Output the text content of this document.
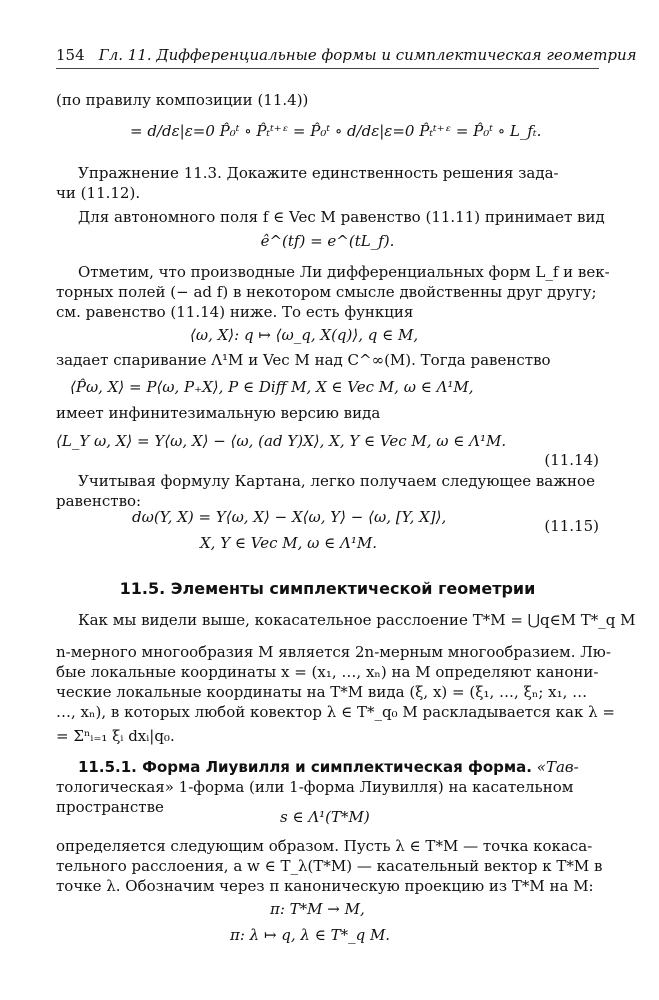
154 Гл. 11. Дифференциальные формы и симплектическая геометрия
(по правилу композиции (11.4))
= d/dε|ε=0 P̂₀ᵗ ∘ P̂ₜᵗ⁺ᵋ = P̂₀ᵗ ∘ d/dε|ε=0 P̂ₜᵗ⁺ᵋ = P̂₀ᵗ ∘ L_fₜ.
Упражнение 11.3. Докажите единственность решения зада-
чи (11.12).
Для автономного поля f ∈ Vec M равенство (11.11) принимает вид
ê^(tf) = e^(tL_f).
Отметим, что производные Ли дифференциальных форм L_f и век-
торных полей (− ad f) в некотором смысле двойственны друг другу;
см. равенство (11.14) ниже. То есть функция
⟨ω, X⟩: q ↦ ⟨ω_q, X(q)⟩, q ∈ M,
задает спаривание Λ¹M и Vec M над C^∞(M). Тогда равенство
⟨P̂ω, X⟩ = P⟨ω, P₊X⟩, P ∈ Diff M, X ∈ Vec M, ω ∈ Λ¹M,
имеет инфинитезимальную версию вида
⟨L_Y ω, X⟩ = Y⟨ω, X⟩ − ⟨ω, (ad Y)X⟩, X, Y ∈ Vec M, ω ∈ Λ¹M.
(11.14)
Учитывая формулу Картана, легко получаем следующее важное
равенство:
dω(Y, X) = Y⟨ω, X⟩ − X⟨ω, Y⟩ − ⟨ω, [Y, X]⟩,
X, Y ∈ Vec M, ω ∈ Λ¹M.
(11.15)
11.5. Элементы симплектической геометрии
Как мы видели выше, кокасательное расслоение T*M = ⋃q∈M T*_q M
n-мерного многообразия M является 2n-мерным многообразием. Лю-
бые локальные координаты x = (x₁, …, xₙ) на M определяют канони-
ческие локальные координаты на T*M вида (ξ, x) = (ξ₁, …, ξₙ; x₁, …
…, xₙ), в которых любой ковектор λ ∈ T*_q₀ M раскладывается как λ =
= Σⁿᵢ₌₁ ξᵢ dxᵢ|q₀.
11.5.1. Форма Лиувилля и симплектическая форма. «Тав-
тологическая» 1-форма (или 1-форма Лиувилля) на касательном
пространстве
s ∈ Λ¹(T*M)
определяется следующим образом. Пусть λ ∈ T*M — точка кокаса-
тельного расслоения, а w ∈ T_λ(T*M) — касательный вектор к T*M в
точке λ. Обозначим через π каноническую проекцию из T*M на M:
π: T*M → M,
π: λ ↦ q, λ ∈ T*_q M.
